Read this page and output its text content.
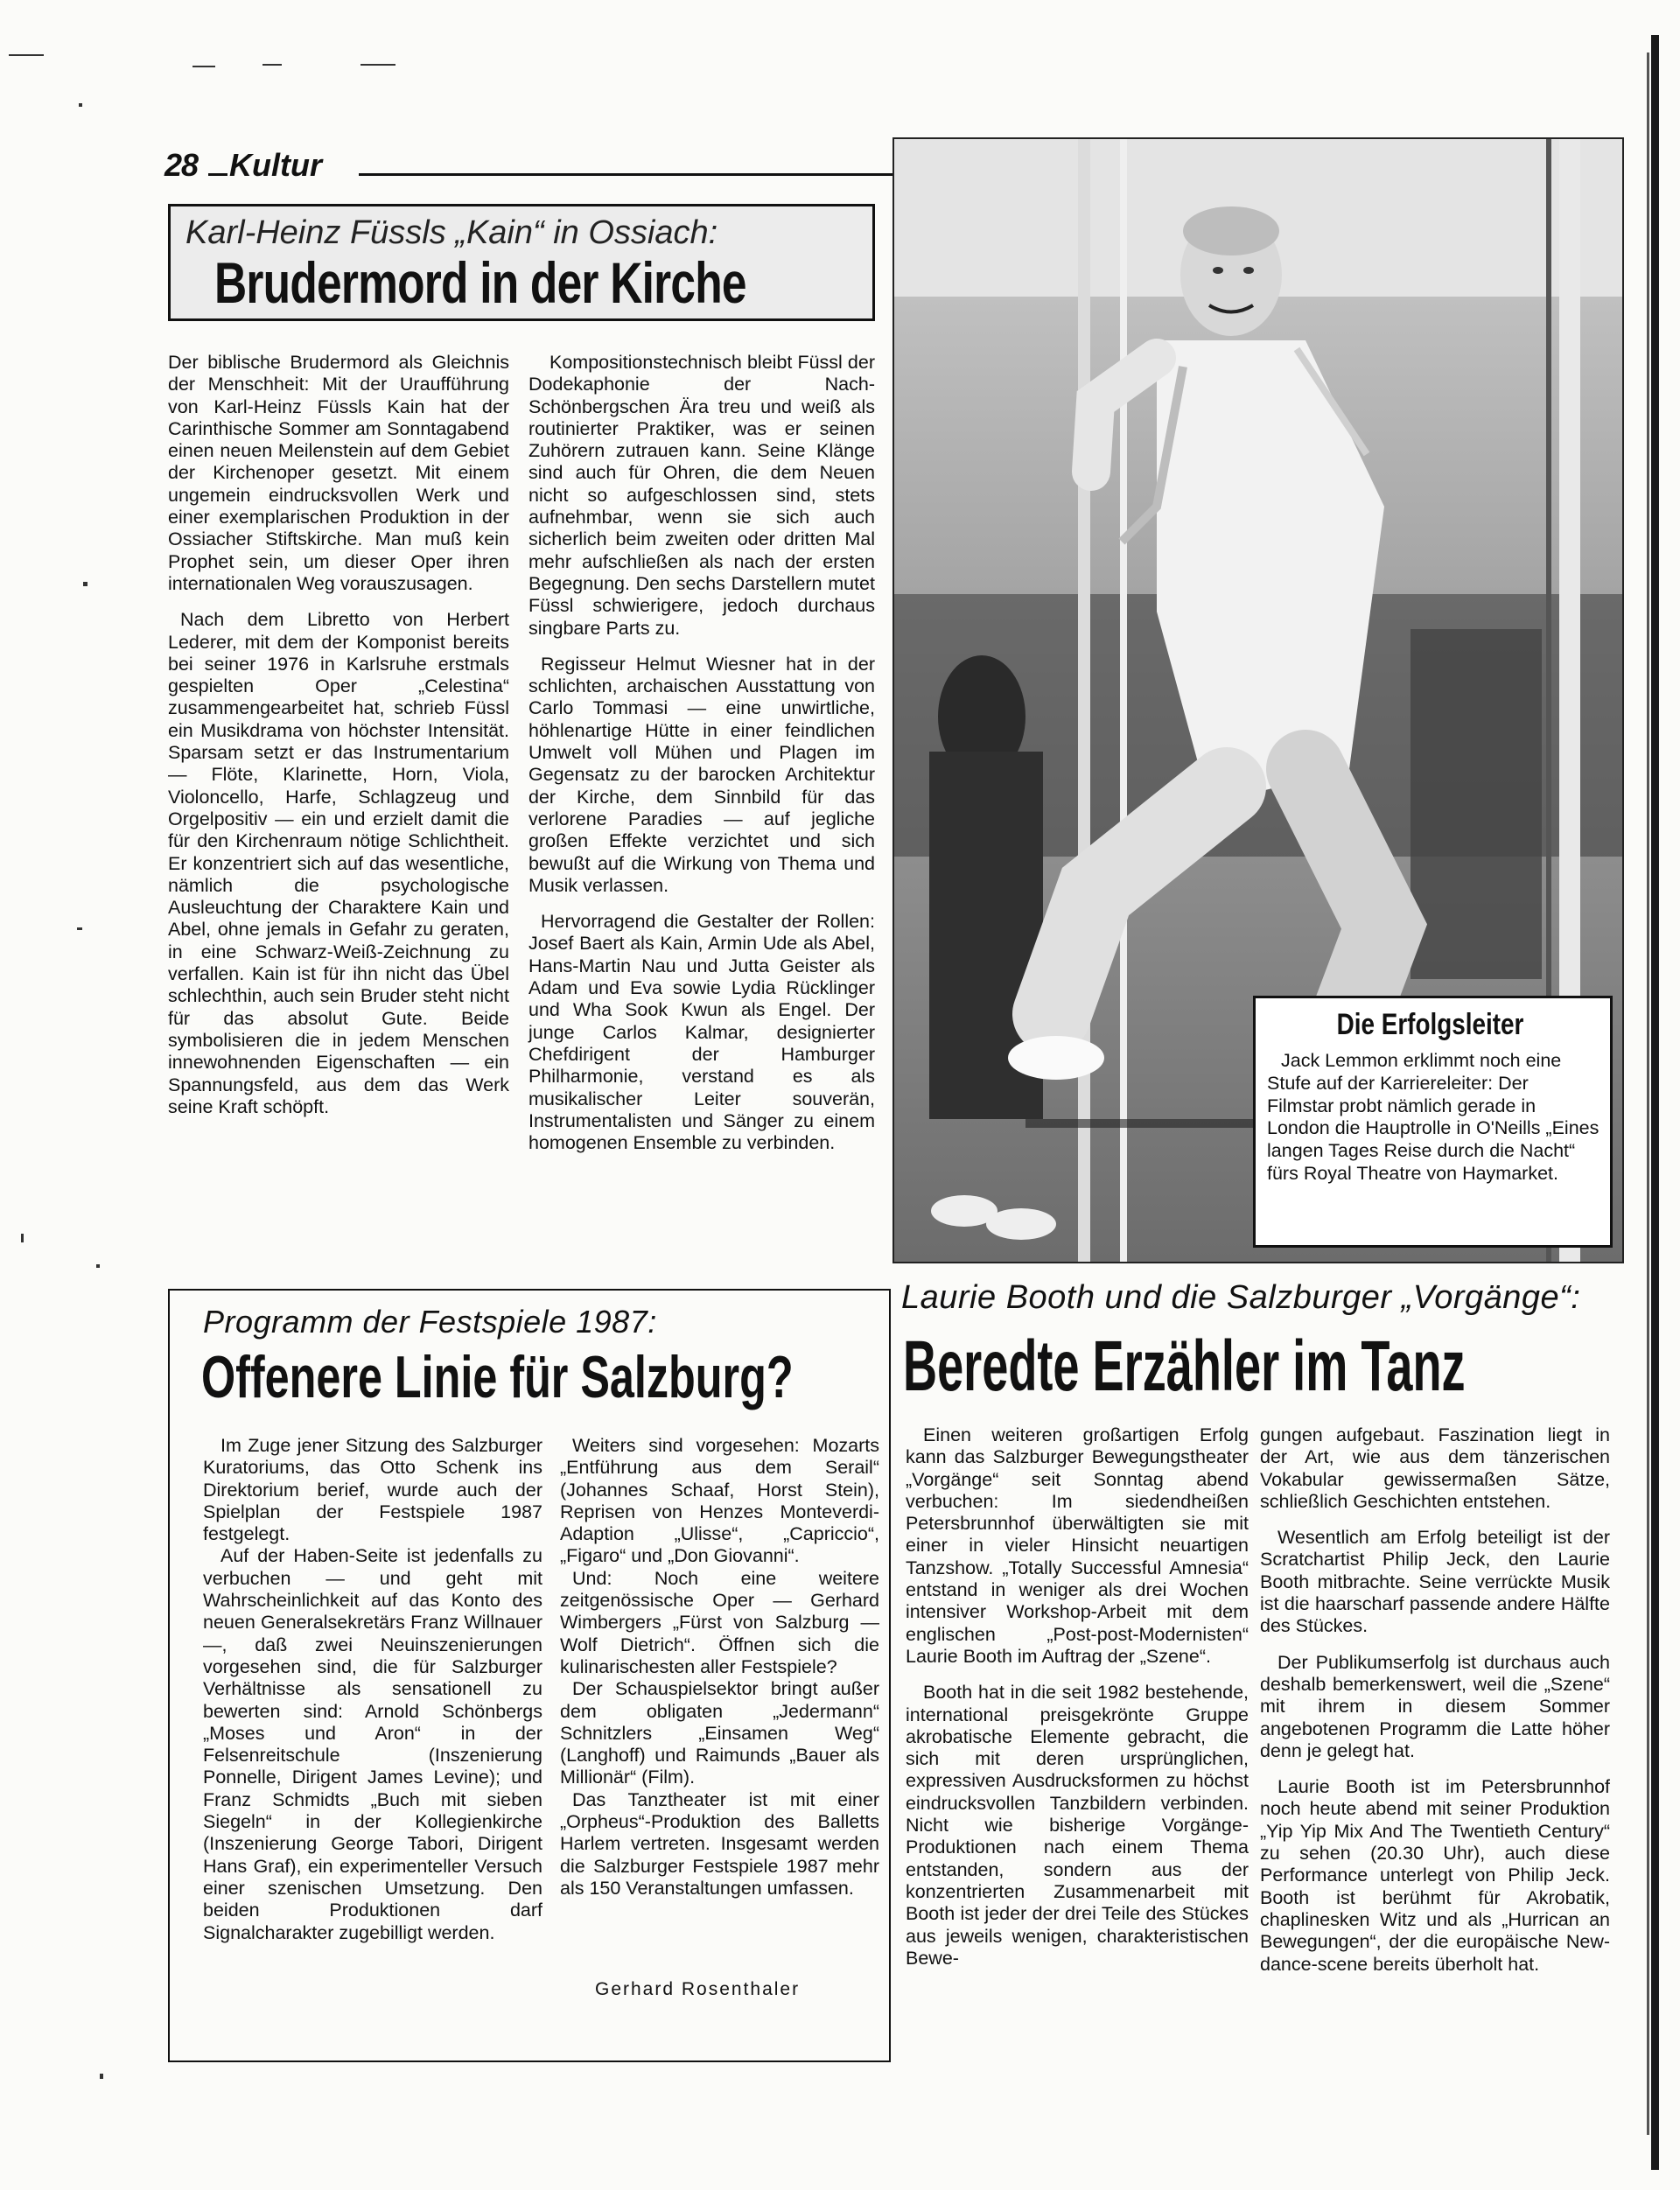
28 Kultur
Karl-Heinz Füssls „Kain“ in Ossiach:
Brudermord in der Kirche

Der biblische Brudermord als Gleichnis der Menschheit: Mit der Uraufführung von Karl-Heinz Füssls Kain hat der Carinthische Sommer am Sonntagabend einen neuen Meilenstein auf dem Gebiet der Kirchenoper gesetzt. Mit einem ungemein eindrucksvollen Werk und einer exemplarischen Produktion in der Ossiacher Stiftskirche. Man muß kein Prophet sein, um dieser Oper ihren internationalen Weg vorauszusagen.

Nach dem Libretto von Herbert Lederer, mit dem der Komponist bereits bei seiner 1976 in Karlsruhe erstmals gespielten Oper „Celestina“ zusammengearbeitet hat, schrieb Füssl ein Musikdrama von höchster Intensität. Sparsam setzt er das Instrumentarium — Flöte, Klarinette, Horn, Viola, Violoncello, Harfe, Schlagzeug und Orgelpositiv — ein und erzielt damit die für den Kirchenraum nötige Schlichtheit. Er konzentriert sich auf das wesentliche, nämlich die psychologische Ausleuchtung der Charaktere Kain und Abel, ohne jemals in Gefahr zu geraten, in eine Schwarz-Weiß-Zeichnung zu verfallen. Kain ist für ihn nicht das Übel schlechthin, auch sein Bruder steht nicht für das absolut Gute. Beide symbolisieren die in jedem Menschen innewohnenden Eigenschaften — ein Spannungsfeld, aus dem das Werk seine Kraft schöpft.

Kompositionstechnisch bleibt Füssl der Dodekaphonie der Nach-Schönbergschen Ära treu und weiß als routinierter Praktiker, was er seinen Zuhörern zutrauen kann. Seine Klänge sind auch für Ohren, die dem Neuen nicht so aufgeschlossen sind, stets aufnehmbar, wenn sie sich auch sicherlich beim zweiten oder dritten Mal mehr aufschließen als nach der ersten Begegnung. Den sechs Darstellern mutet Füssl schwierigere, jedoch durchaus singbare Parts zu.

Regisseur Helmut Wiesner hat in der schlichten, archaischen Ausstattung von Carlo Tommasi — eine unwirtliche, höhlenartige Hütte in einer feindlichen Umwelt voll Mühen und Plagen im Gegensatz zu der barocken Architektur der Kirche, dem Sinnbild für das verlorene Paradies — auf jegliche großen Effekte verzichtet und sich bewußt auf die Wirkung von Thema und Musik verlassen.

Hervorragend die Gestalter der Rollen: Josef Baert als Kain, Armin Ude als Abel, Hans-Martin Nau und Jutta Geister als Adam und Eva sowie Lydia Rücklinger und Wha Sook Kwun als Engel. Der junge Carlos Kalmar, designierter Chefdirigent der Hamburger Philharmonie, verstand es als musikalischer Leiter souverän, Instrumentalisten und Sänger zu einem homogenen Ensemble zu verbinden.

Die Erfolgsleiter
Jack Lemmon erklimmt noch eine Stufe auf der Karriereleiter: Der Filmstar probt nämlich gerade in London die Hauptrolle in O'Neills „Eines langen Tages Reise durch die Nacht“ fürs Royal Theatre von Haymarket.
Programm der Festspiele 1987:
Offenere Linie für Salzburg?

Im Zuge jener Sitzung des Salzburger Kuratoriums, das Otto Schenk ins Direktorium berief, wurde auch der Spielplan der Festspiele 1987 festgelegt.

Auf der Haben-Seite ist jedenfalls zu verbuchen — und geht mit Wahrscheinlichkeit auf das Konto des neuen Generalsekretärs Franz Willnauer —, daß zwei Neuinszenierungen vorgesehen sind, die für Salzburger Verhältnisse als sensationell zu bewerten sind: Arnold Schönbergs „Moses und Aron“ in der Felsenreitschule (Inszenierung Ponnelle, Dirigent James Levine); und Franz Schmidts „Buch mit sieben Siegeln“ in der Kollegienkirche (Inszenierung George Tabori, Dirigent Hans Graf), ein experimenteller Versuch einer szenischen Umsetzung. Den beiden Produktionen darf Signalcharakter zugebilligt werden.

Weiters sind vorgesehen: Mozarts „Entführung aus dem Serail“ (Johannes Schaaf, Horst Stein), Reprisen von Henzes Monteverdi-Adaption „Ulisse“, „Capriccio“, „Figaro“ und „Don Giovanni“.

Und: Noch eine weitere zeitgenössische Oper — Gerhard Wimbergers „Fürst von Salzburg — Wolf Dietrich“. Öffnen sich die kulinarischesten aller Festspiele?

Der Schauspielsektor bringt außer dem obligaten „Jedermann“ Schnitzlers „Einsamen Weg“ (Langhoff) und Raimunds „Bauer als Millionär“ (Film).

Das Tanztheater ist mit einer „Orpheus“-Produktion des Balletts Harlem vertreten. Insgesamt werden die Salzburger Festspiele 1987 mehr als 150 Veranstaltungen umfassen.

Gerhard Rosenthaler
Laurie Booth und die Salzburger „Vorgänge“:
Beredte Erzähler im Tanz

Einen weiteren großartigen Erfolg kann das Salzburger Bewegungstheater „Vorgänge“ seit Sonntag abend verbuchen: Im siedendheißen Petersbrunnhof überwältigten sie mit einer in vieler Hinsicht neuartigen Tanzshow. „Totally Successful Amnesia“ entstand in weniger als drei Wochen intensiver Workshop-Arbeit mit dem englischen „Post-post-Modernisten“ Laurie Booth im Auftrag der „Szene“.

Booth hat in die seit 1982 bestehende, international preisgekrönte Gruppe akrobatische Elemente gebracht, die sich mit deren ursprünglichen, expressiven Ausdrucksformen zu höchst eindrucksvollen Tanzbildern verbinden. Nicht wie bisherige Vorgänge-Produktionen nach einem Thema entstanden, sondern aus der konzentrierten Zusammenarbeit mit Booth ist jeder der drei Teile des Stückes aus jeweils wenigen, charakteristischen Bewe-

gungen aufgebaut. Faszination liegt in der Art, wie aus dem tänzerischen Vokabular gewissermaßen Sätze, schließlich Geschichten entstehen.

Wesentlich am Erfolg beteiligt ist der Scratchartist Philip Jeck, den Laurie Booth mitbrachte. Seine verrückte Musik ist die haarscharf passende andere Hälfte des Stückes.

Der Publikumserfolg ist durchaus auch deshalb bemerkenswert, weil die „Szene“ mit ihrem in diesem Sommer angebotenen Programm die Latte höher denn je gelegt hat.

Laurie Booth ist im Petersbrunnhof noch heute abend mit seiner Produktion „Yip Yip Mix And The Twentieth Century“ zu sehen (20.30 Uhr), auch diese Performance unterlegt von Philip Jeck. Booth ist berühmt für Akrobatik, chaplinesken Witz und als „Hurrican an Bewegungen“, der die europäische New-dance-scene bereits überholt hat.
